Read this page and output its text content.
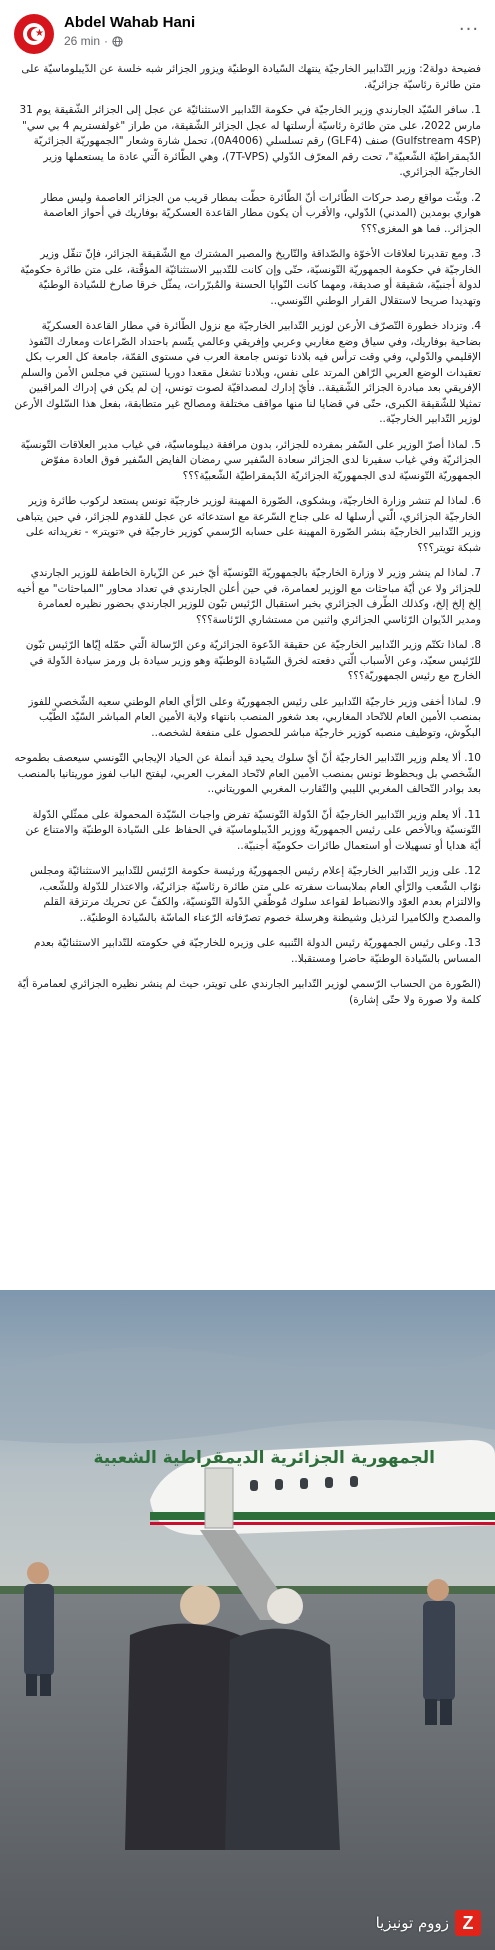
★
Abdel Wahab Hani
26 min ·
...

فضيحة دولة2: وزير التّدابير الخارجيّة ينتهك السّيادة الوطنيّة ويزور الجزائر شبه خلسة عن الدّيبلوماسيّة على متن طائرة رئاسيّة جزائريّة.

1. سافر السّيّد الجارندي وزير الخارجيّة في حكومة التّدابير الاستثنائيّة عن عجل إلى الجزائر الشّقيقة يوم 31 مارس 2022، على متن طائرة رئاسيّة أرسلتها له عجل الجزائر الشّقيقة، من طراز "غولفستريم 4 بي سي" (Gulfstream 4SP) صنف (GLF4) رقم تسلسلي (0A4006)، تحمل شارة وشعار "الجمهوريّة الجزائريّة الدّيمقراطيّة الشّعبيّة"، تحت رقم المعرّف الدّولي (7T-VPS)، وهي الطّائرة الّتي عادة ما يستعملها وزير الخارجيّة الجزائري.

2. وبثّت مواقع رصد حركات الطّائرات أنّ الطّائرة حطّت بمطار قريب من الجزائر العاصمة وليس مطار هواري بومدين (المدني) الدّولي، والأقرب أن يكون مطار القاعدة العسكريّة بوفاريك في أحواز العاصمة الجزائر.. فما هو المغزى؟؟؟

3. ومع تقديرنا لعلاقات الأخوّة والصّداقة والتّاريخ والمصير المشترك مع الشّقيقة الجزائر، فإنّ تنقّل وزير الخارجيّة في حكومة الجمهوريّة التّونسيّة، حتّى وإن كانت للتّدبير الاستثنائيّة المؤقّتة، على متن طائرة حكوميّة لدولة أجنبيّة، شقيقة أو صديقة، ومهما كانت النّوايا الحسنة والمُبرّرات، يمثّل خرقا صارخ للسّيادة الوطنيّة وتهديدا صريحا لاستقلال القرار الوطني التّونسي..

4. وتزداد خطورة التّصرّف الأرعن لوزير التّدابير الخارجيّة مع نزول الطّائرة في مطار القاعدة العسكريّة بضاحية بوفاريك، وفي سياق وضع مغاربي وعربي وإفريقي وعالمي يتّسم باحتداد الصّراعات ومعارك النّفوذ الإقليمي والدّولي، وفي وقت ترأس فيه بلادنا تونس جامعة العرب في مستوى القمّة، جامعة كل العرب بكل تعقيدات الوضع العربي الرّاهن المرتد على نفس، وبلادنا تشغل مقعدا دوريا لسنتين في مجلس الأمن والسلم الإفريقي بعد مبادرة الجزائر الشّقيقة.. فأيّ إدارك لمصداقيّة لصوت تونس، إن لم يكن في إدراك المراقبين تمثيلا للشّقيقة الكبرى، حتّى في قضايا لنا منها مواقف مختلفة ومصالح غير متطابقة، بفعل هذا السّلوك الأرعن لوزير التّدابير الخارجيّة..

5. لماذا أصرّ الوزير على السّفر بمفرده للجزائر، بدون مرافقة ديبلوماسيّة، في غياب مدير العلاقات التّونسيّة الجزائريّة وفي غياب سفيرنا لدى الجزائر سعادة السّفير سي رمضان الفايض السّفير فوق العادة مفوّض الجمهوريّة التّونسيّة لدى الجمهوريّة الجزائريّة الدّيمقراطيّة الشّعبيّة؟؟؟

6. لماذا لم تنشر وزارة الخارجيّة، وبشكوى، الصّورة المهينة لوزير خارجيّة تونس يستعد لركوب طائرة وزير الخارجيّة الجزائري، الّتي أرسلها له على جناح السّرعة مع استدعائه عن عجل للقدوم للجزائر، في حين يتباهى وزير التّدابير الخارجيّة بنشر الصّورة المهينة على حسابه الرّسمي كوزير خارجيّة في «تويتر» - تغريداته على شبكة تويتر؟؟؟

7. لماذا لم ينشر وزير لا وزارة الخارجيّة بالجمهوريّة التّونسيّة أيّ خبر عن الزّيارة الخاطفة للوزير الجارندي للجزائر ولا عن أيّة مباحثات مع الوزير لعمامرة، في حين أعلن الجارندي في تعداد محاور "المباحثات" مع أخيه إلخ إلخ إلخ، وكذلك الطّرف الجزائري بخبر استقبال الرّئيس تبّون للوزير الجارندي بحضور نظيره لعمامرة ومدير الدّيوان الرّئاسي الجزائري واثنين من مستشاري الرّئاسة؟؟؟

8. لماذا تكتّم وزير التّدابير الخارجيّة عن حقيقة الدّعوة الجزائريّة وعن الرّسالة الّتي حمّله إيّاها الرّئيس تبّون للرّئيس سعيّد، وعن الأسباب الّتي دفعته لخرق السّيادة الوطنيّة وهو وزير سيادة بل ورمز سيادة الدّولة في الخارج مع رئيس الجمهوريّة؟؟؟

9. لماذا أخفى وزير خارجيّة التّدابير على رئيس الجمهوريّة وعلى الرّأي العام الوطني سعيه الشّخصي للفوز بمنصب الأمين العام للاتّحاد المغاربي، بعد شغور المنصب بانتهاء ولاية الأمين العام المباشر السّيّد الطّيّب البكّوش، وتوظيف منصبه كوزير خارجيّة مباشر للحصول على منفعة لشخصه..

10. ألا يعلم وزير التّدابير الخارجيّة أنّ أيّ سلوك يحيد قيد أنملة عن الحياد الإيجابي التّونسي سيعصف بطموحه الشّخصي بل وبحظوظ تونس بمنصب الأمين العام لاتّحاد المغرب العربي، ليفتح الباب لفوز موريتانيا بالمنصب بعد بوادر التّحالف المغربي الليبي والتّقارب المغربي الموريتاني..

11. ألا يعلم وزير التّدابير الخارجيّة أنّ الدّولة التّونسيّة تفرض واجبات السّيّدة المحمولة على ممثّلي الدّولة التّونسيّة وبالأخص على رئيس الجمهوريّة ووزير الدّيبلوماسيّة في الحفاظ على السّيادة الوطنيّة والامتناع عن أيّة هدايا أو تسهيلات أو استعمال طائرات حكوميّة أجنبيّة..

12. على وزير التّدابير الخارجيّة إعلام رئيس الجمهوريّة ورئيسة حكومة الرّئيس للتّدابير الاستثنائيّة ومجلس نوّاب الشّعب والرّأي العام بملابسات سفرته على متن طائرة رئاسيّة جزائريّة، والاعتذار للدّولة وللشّعب، والالتزام بعدم العوْد والانضباط لقواعد سلوك مُوظّفي الدّولة التّونسيّة، والكفّ عن تحريك مرتزقة القلم والمصدح والكاميرا لترذيل وشيطنة وهرسلة خصوم تصرّفاته الرّعناء الماسّة بالسّيادة الوطنيّة..

13. وعلى رئيس الجمهوريّة رئيس الدولة التّنبيه على وزيره للخارجيّة في حكومته للتّدابير الاستثنائيّة بعدم المساس بالسّيادة الوطنيّة حاضرا ومستقبلا..

(الصّورة من الحساب الرّسمي لوزير التّدابير الجارندي على تويتر، حيث لم ينشر نظيره الجزائري لعمامرة أيّة كلمة ولا صورة ولا حتّى إشارة)

الجمهورية الجزائرية الديمقراطية الشعبية
Z
زووم تونيزيا
